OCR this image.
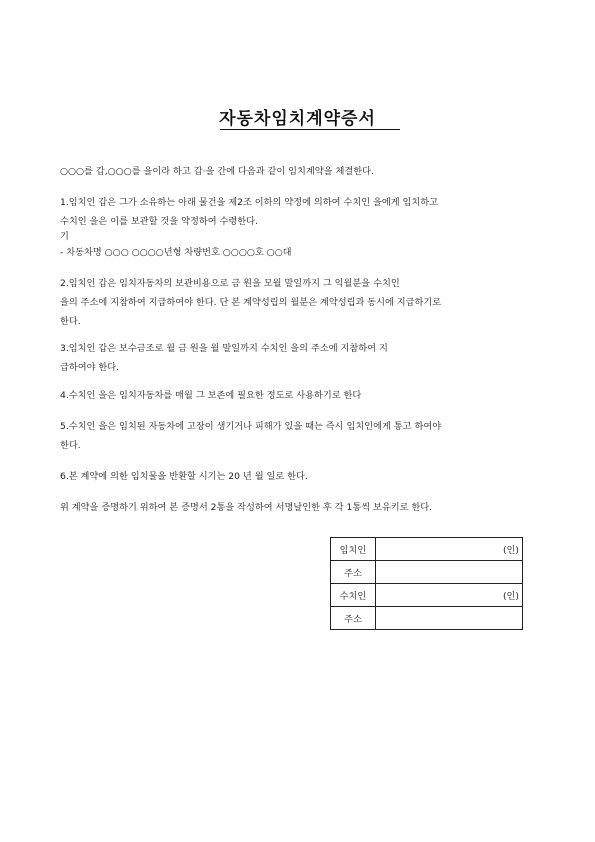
자동차임치계약증서
○○○를 갑,○○○를 을이라 하고 갑·을 간에 다음과 같이 임치계약을 체결한다.
1.임치인 갑은 그가 소유하는 아래 물건을 제2조 이하의 약정에 의하여 수치인 을에게 임치하고
수치인 을은 이를 보관할 것을 약정하여 수령한다.
기
- 차동차명 ○○○ ○○○○년형 차량번호 ○○○○호 ○○대
2.임치인 갑은 임치자동차의 보관비용으로 금 원을 모월 말일까지 그 익월분을 수치인
을의 주소에 지참하여 지급하여야 한다. 단 본 계약성립의 월분은 계약성립과 동시에 지급하기로
한다.
3.임치인 갑은 보수금조로 월 금 원을 월 말일까지 수치인 을의 주소에 지참하여 지
급하여야 한다.
4.수치인 을은 임치자동차를 매월 그 보존에 필요한 정도로 사용하기로 한다
5.수치인 을은 임치된 자동차에 고장이 생기거나 피해가 있을 때는 즉시 임치인에게 통고 하여야
한다.
6.본 계약에 의한 임치물을 반환할 시기는 20 년 월 일로 한다.
위 계약을 증명하기 위하여 본 증명서 2통을 작성하여 서명날인한 후 각 1통씩 보유키로 한다.
임치인	(인)
주소	
수치인	(인)
주소	
